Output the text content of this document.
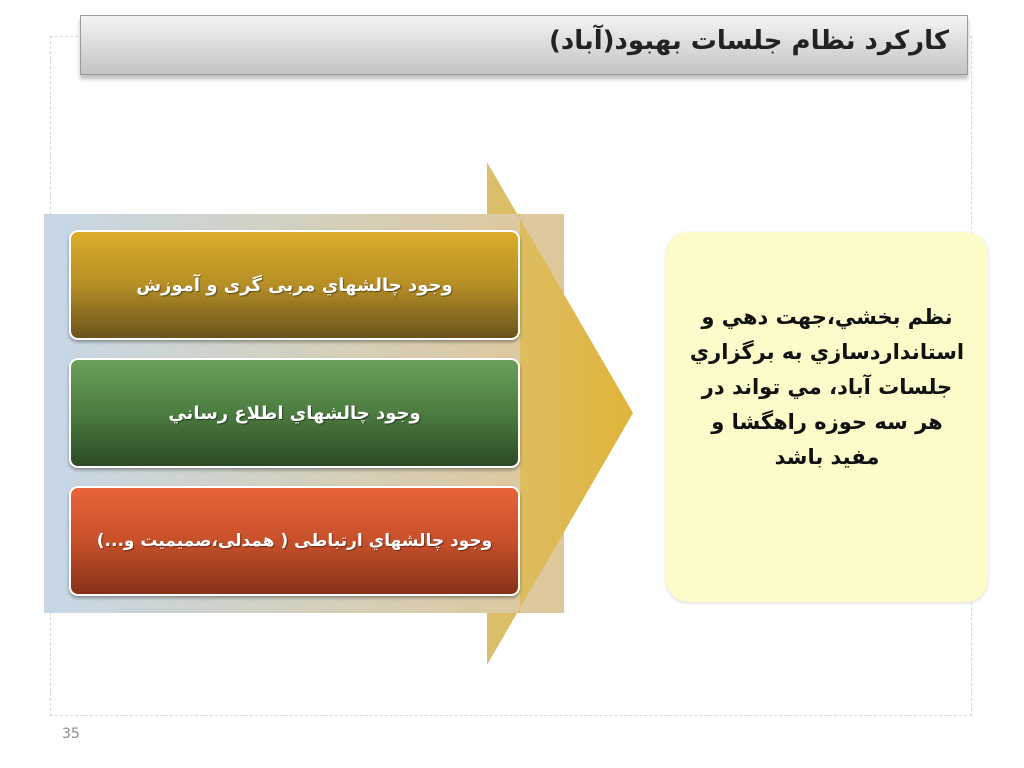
کارکرد نظام جلسات بهبود(آباد)
وجود چالشهاي مربی گری و آموزش
وجود چالشهاي اطلاع رساني
وجود چالشهاي ارتباطی ( همدلی،صمیمیت و...)
نظم بخشي،جهت دهي و استانداردسازي به برگزاري جلسات آباد، مي تواند در هر سه حوزه راهگشا و مفيد باشد
35
